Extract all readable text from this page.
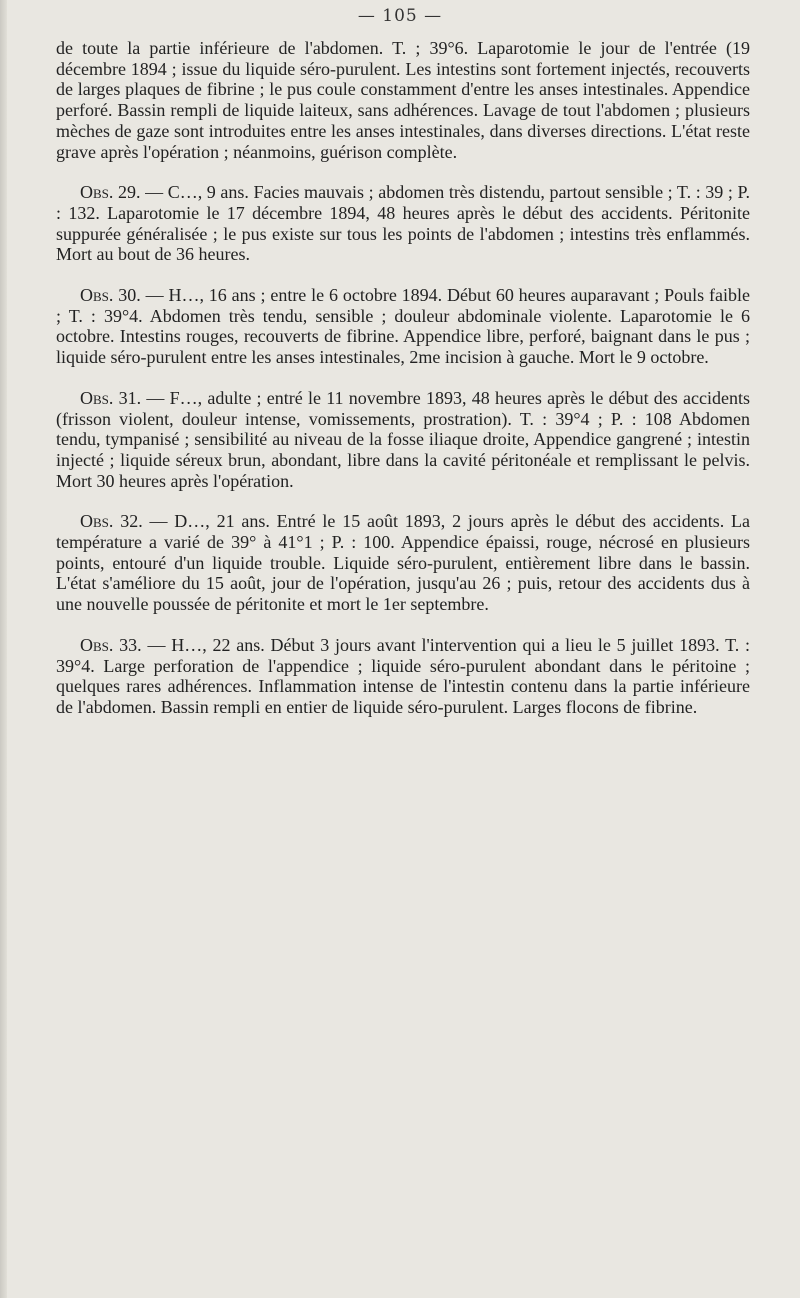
— 105 —

de toute la partie inférieure de l'abdomen. T. ; 39°6. Laparotomie le jour de l'entrée (19 décembre 1894 ; issue du liquide séro-purulent. Les intestins sont fortement injectés, recouverts de larges plaques de fibrine ; le pus coule constamment d'entre les anses intestinales. Appendice perforé. Bassin rempli de liquide laiteux, sans adhérences. Lavage de tout l'abdomen ; plusieurs mèches de gaze sont introduites entre les anses intestinales, dans diverses directions. L'état reste grave après l'opération ; néanmoins, guérison complète.

Obs. 29. — C…, 9 ans. Facies mauvais ; abdomen très distendu, partout sensible ; T. : 39 ; P. : 132. Laparotomie le 17 décembre 1894, 48 heures après le début des accidents. Péritonite suppurée généralisée ; le pus existe sur tous les points de l'abdomen ; intestins très enflammés. Mort au bout de 36 heures.

Obs. 30. — H…, 16 ans ; entre le 6 octobre 1894. Début 60 heures auparavant ; Pouls faible ; T. : 39°4. Abdomen très tendu, sensible ; douleur abdominale violente. Laparotomie le 6 octobre. Intestins rouges, recouverts de fibrine. Appendice libre, perforé, baignant dans le pus ; liquide séro-purulent entre les anses intestinales, 2me incision à gauche. Mort le 9 octobre.

Obs. 31. — F…, adulte ; entré le 11 novembre 1893, 48 heures après le début des accidents (frisson violent, douleur intense, vomissements, prostration). T. : 39°4 ; P. : 108 Abdomen tendu, tympanisé ; sensibilité au niveau de la fosse iliaque droite, Appendice gangrené ; intestin injecté ; liquide séreux brun, abondant, libre dans la cavité péritonéale et remplissant le pelvis. Mort 30 heures après l'opération.

Obs. 32. — D…, 21 ans. Entré le 15 août 1893, 2 jours après le début des accidents. La température a varié de 39° à 41°1 ; P. : 100. Appendice épaissi, rouge, nécrosé en plusieurs points, entouré d'un liquide trouble. Liquide séro-purulent, entièrement libre dans le bassin. L'état s'améliore du 15 août, jour de l'opération, jusqu'au 26 ; puis, retour des accidents dus à une nouvelle poussée de péritonite et mort le 1er septembre.

Obs. 33. — H…, 22 ans. Début 3 jours avant l'intervention qui a lieu le 5 juillet 1893. T. : 39°4. Large perforation de l'appendice ; liquide séro-purulent abondant dans le péritoine ; quelques rares adhérences. Inflammation intense de l'intestin contenu dans la partie inférieure de l'abdomen. Bassin rempli en entier de liquide séro-purulent. Larges flocons de fibrine.
